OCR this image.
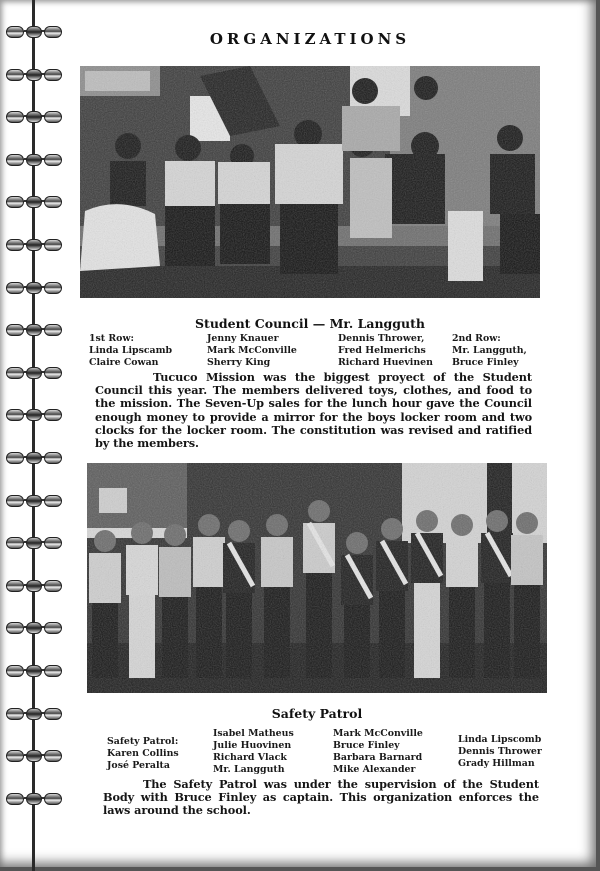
ORGANIZATIONS
Student Council — Mr. Langguth
1st Row:
Linda Lipscamb
Claire Cowan
Jenny Knauer
Mark McConville
Sherry King
Dennis Thrower,
Fred Helmerichs
Richard Huevinen
2nd Row:
Mr. Langguth,
Bruce Finley
Tucuco Mission was the biggest proyect of the Student Council this year. The members delivered toys, clothes, and food to the mission. The Seven-Up sales for the lunch hour gave the Council enough money to provide a mirror for the boys locker room and two clocks for the locker room. The constitution was revised and ratified by the members.
Safety Patrol
Safety Patrol:
Karen Collins
José Peralta
Isabel Matheus
Julie Huovinen
Richard Vlack
Mr. Langguth
Mark McConville
Bruce Finley
Barbara Barnard
Mike Alexander
Linda Lipscomb
Dennis Thrower
Grady Hillman
The Safety Patrol was under the supervision of the Student Body with Bruce Finley as captain. This organization enforces the laws around the school.
